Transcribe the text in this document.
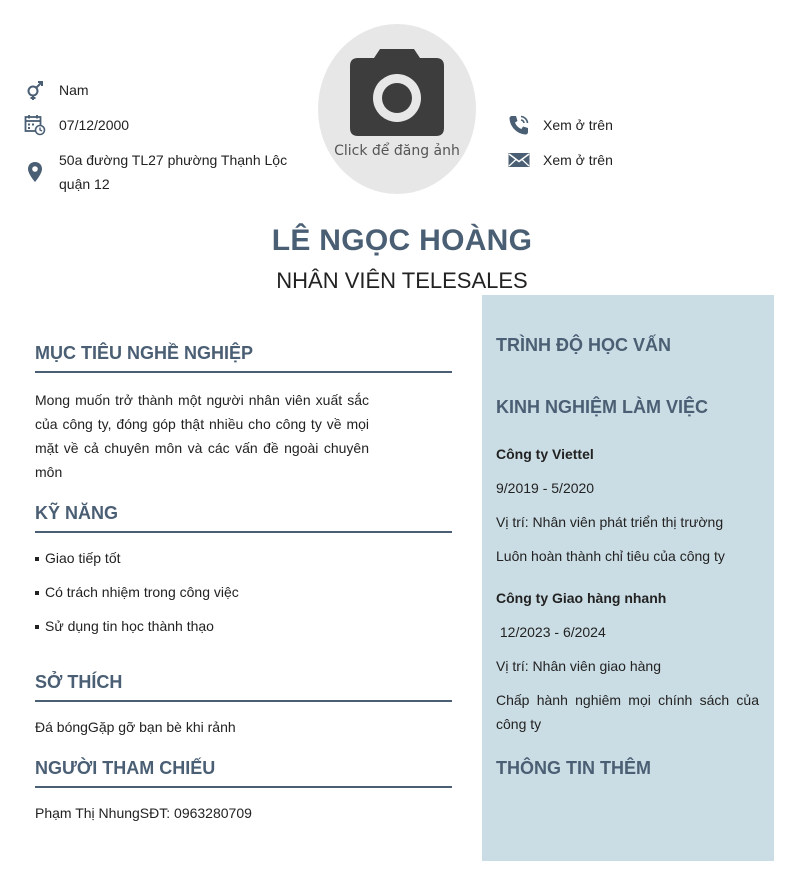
Nam
07/12/2000
50a đường TL27 phường Thạnh Lộc quận 12
Click để đăng ảnh
Xem ở trên
Xem ở trên
LÊ NGỌC HOÀNG
NHÂN VIÊN TELESALES
MỤC TIÊU NGHỀ NGHIỆP
Mong muốn trở thành một người nhân viên xuất sắc của công ty, đóng góp thật nhiều cho công ty về mọi mặt về cả chuyên môn và các vấn đề ngoài chuyên môn
KỸ NĂNG
Giao tiếp tốt
Có trách nhiệm trong công việc
Sử dụng tin học thành thạo
SỞ THÍCH
Đá bóngGặp gỡ bạn bè khi rảnh
NGƯỜI THAM CHIẾU
Phạm Thị NhungSĐT: 0963280709
TRÌNH ĐỘ HỌC VẤN
KINH NGHIỆM LÀM VIỆC
Công ty Viettel
9/2019 - 5/2020
Vị trí: Nhân viên phát triển thị trường
Luôn hoàn thành chỉ tiêu của công ty
Công ty Giao hàng nhanh
12/2023 - 6/2024
Vị trí: Nhân viên giao hàng
Chấp hành nghiêm mọi chính sách của công ty
THÔNG TIN THÊM
